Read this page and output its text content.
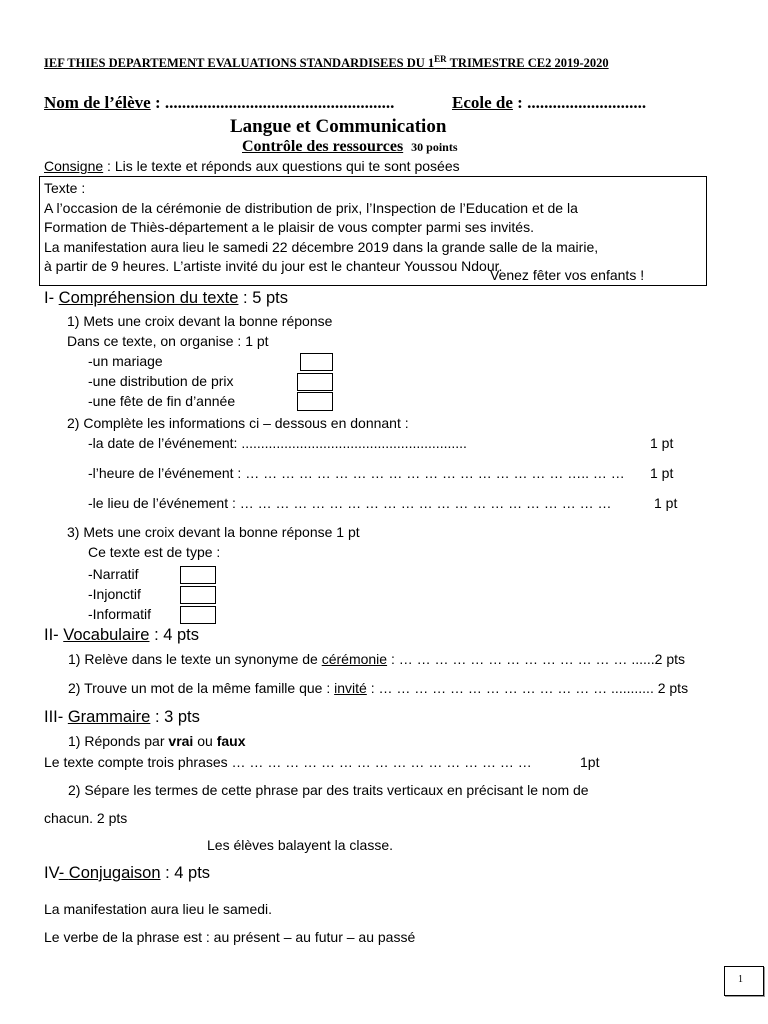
IEF THIES DEPARTEMENT EVALUATIONS STANDARDISEES DU 1ER TRIMESTRE CE2 2019-2020
Nom de l’élève : ......................................................	Ecole de : ............................
Langue et Communication
Contrôle des ressources 30 points
Consigne : Lis le texte et réponds aux questions qui te sont posées
Texte :
A l’occasion de la cérémonie de distribution de prix, l’Inspection de l’Education et de la
Formation de Thiès-département a le plaisir de vous compter parmi ses invités.
La manifestation aura lieu le samedi 22 décembre 2019 dans la grande salle de la mairie,
à partir de 9 heures. L’artiste invité du jour est le chanteur Youssou Ndour.
Venez fêter vos enfants !
I- Compréhension du texte : 5 pts
1) Mets une croix devant la bonne réponse
Dans ce texte, on organise : 1 pt
-un mariage
-une distribution de prix
-une fête de fin d’année
2) Complète les informations ci – dessous en donnant :
-la date de l’événement: ..........................................................	1 pt
-l’heure de l’événement : … … … … … … … … … … … … … … … … … … ….. … … 1 pt
-le lieu de l’événement : … … … … … … … … … … … … … … … … … … … … …	1 pt
3) Mets une croix devant la bonne réponse 1 pt
Ce texte est de type :
-Narratif
-Injonctif
-Informatif
II- Vocabulaire : 4 pts
1) Relève dans le texte un synonyme de cérémonie : … … … … … … … … … … … … … ......2 pts
2) Trouve un mot de la même famille que : invité : … … … … … … … … … … … … … ........... 2 pts
III- Grammaire : 3 pts
1) Réponds par vrai ou faux
Le texte compte trois phrases … … … … … … … … … … … … … … … … …	1pt
2) Sépare les termes de cette phrase par des traits verticaux en précisant le nom de
chacun. 2 pts
Les élèves balayent la classe.
IV- Conjugaison : 4 pts
La manifestation aura lieu le samedi.
Le verbe de la phrase est : au présent – au futur – au passé
1
